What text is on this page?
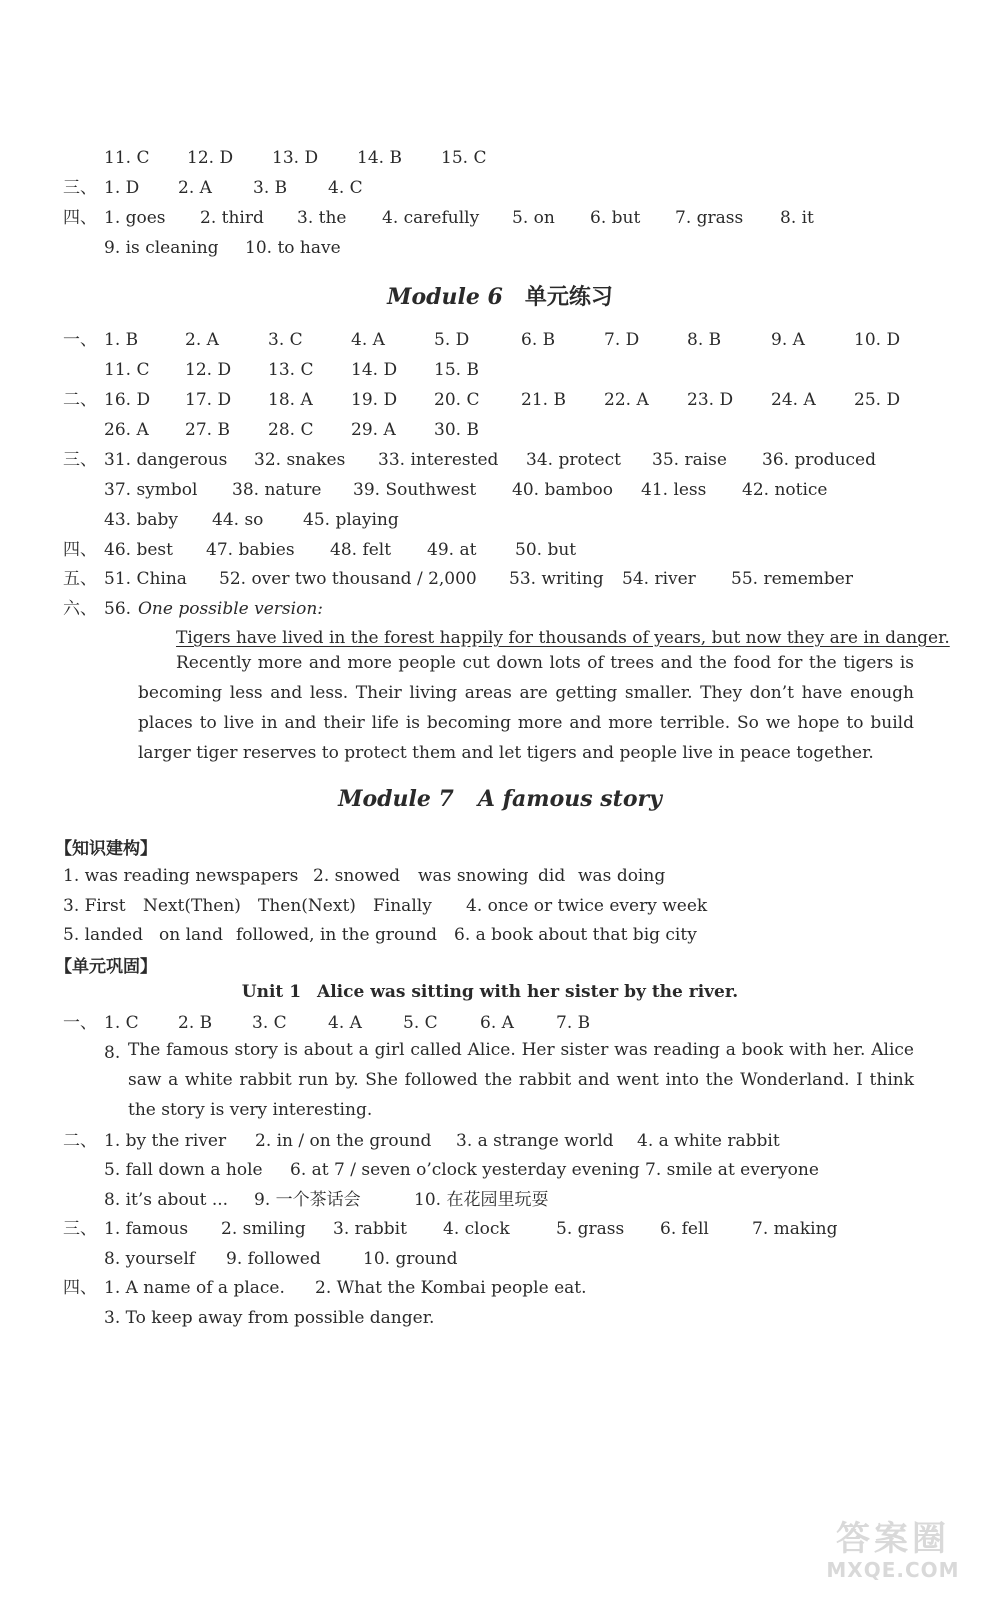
11. C 12. D 13. D 14. B 15. C
三、 1. D 2. A 3. B 4. C
四、 1. goes 2. third 3. the 4. carefully 5. on 6. but 7. grass 8. it
9. is cleaning 10. to have
Module 6 单元练习
一、 1. B	2. A	3. C	4. A	5. D	6. B	7. D	8. B	9. A	10. D
11. C 12. D 13. C 14. D 15. B
二、 16. D 17. D 18. A 19. D 20. C 21. B 22. A 23. D 24. A 25. D
26. A 27. B 28. C 29. A 30. B
三、 31. dangerous 32. snakes 33. interested 34. protect 35. raise 36. produced
37. symbol 38. nature 39. Southwest 40. bamboo 41. less 42. notice
43. baby 44. so 45. playing
四、 46. best 47. babies 48. felt 49. at 50. but
五、 51. China 52. over two thousand / 2,000 53. writing 54. river 55. remember
六、 56. One possible version:
Tigers have lived in the forest happily for thousands of years, but now they are in danger.
Recently more and more people cut down lots of trees and the food for the tigers is becoming less and less. Their living areas are getting smaller. They don’t have enough places to live in and their life is becoming more and more terrible. So we hope to build larger tiger reserves to protect them and let tigers and people live in peace together.
Module 7 A famous story
【知识建构】
1. was reading newspapers 2. snowed was snowing did was doing
3. First Next(Then) Then(Next) Finally 4. once or twice every week
5. landed on land followed, in the ground 6. a book about that big city
【单元巩固】
Unit 1 Alice was sitting with her sister by the river.
一、 1. C 2. B 3. C 4. A 5. C 6. A 7. B
8. The famous story is about a girl called Alice. Her sister was reading a book with her. Alice saw a white rabbit run by. She followed the rabbit and went into the Wonderland. I think the story is very interesting.
二、 1. by the river 2. in / on the ground 3. a strange world 4. a white rabbit
5. fall down a hole 6. at 7 / seven o’clock yesterday evening 7. smile at everyone
8. it’s about ... 9. 一个茶话会	10. 在花园里玩耍
三、 1. famous 2. smiling 3. rabbit 4. clock	5. grass 6. fell	7. making
8. yourself 9. followed 10. ground
四、 1. A name of a place. 2. What the Kombai people eat.
3. To keep away from possible danger.
答案圈
MXQE.COM
